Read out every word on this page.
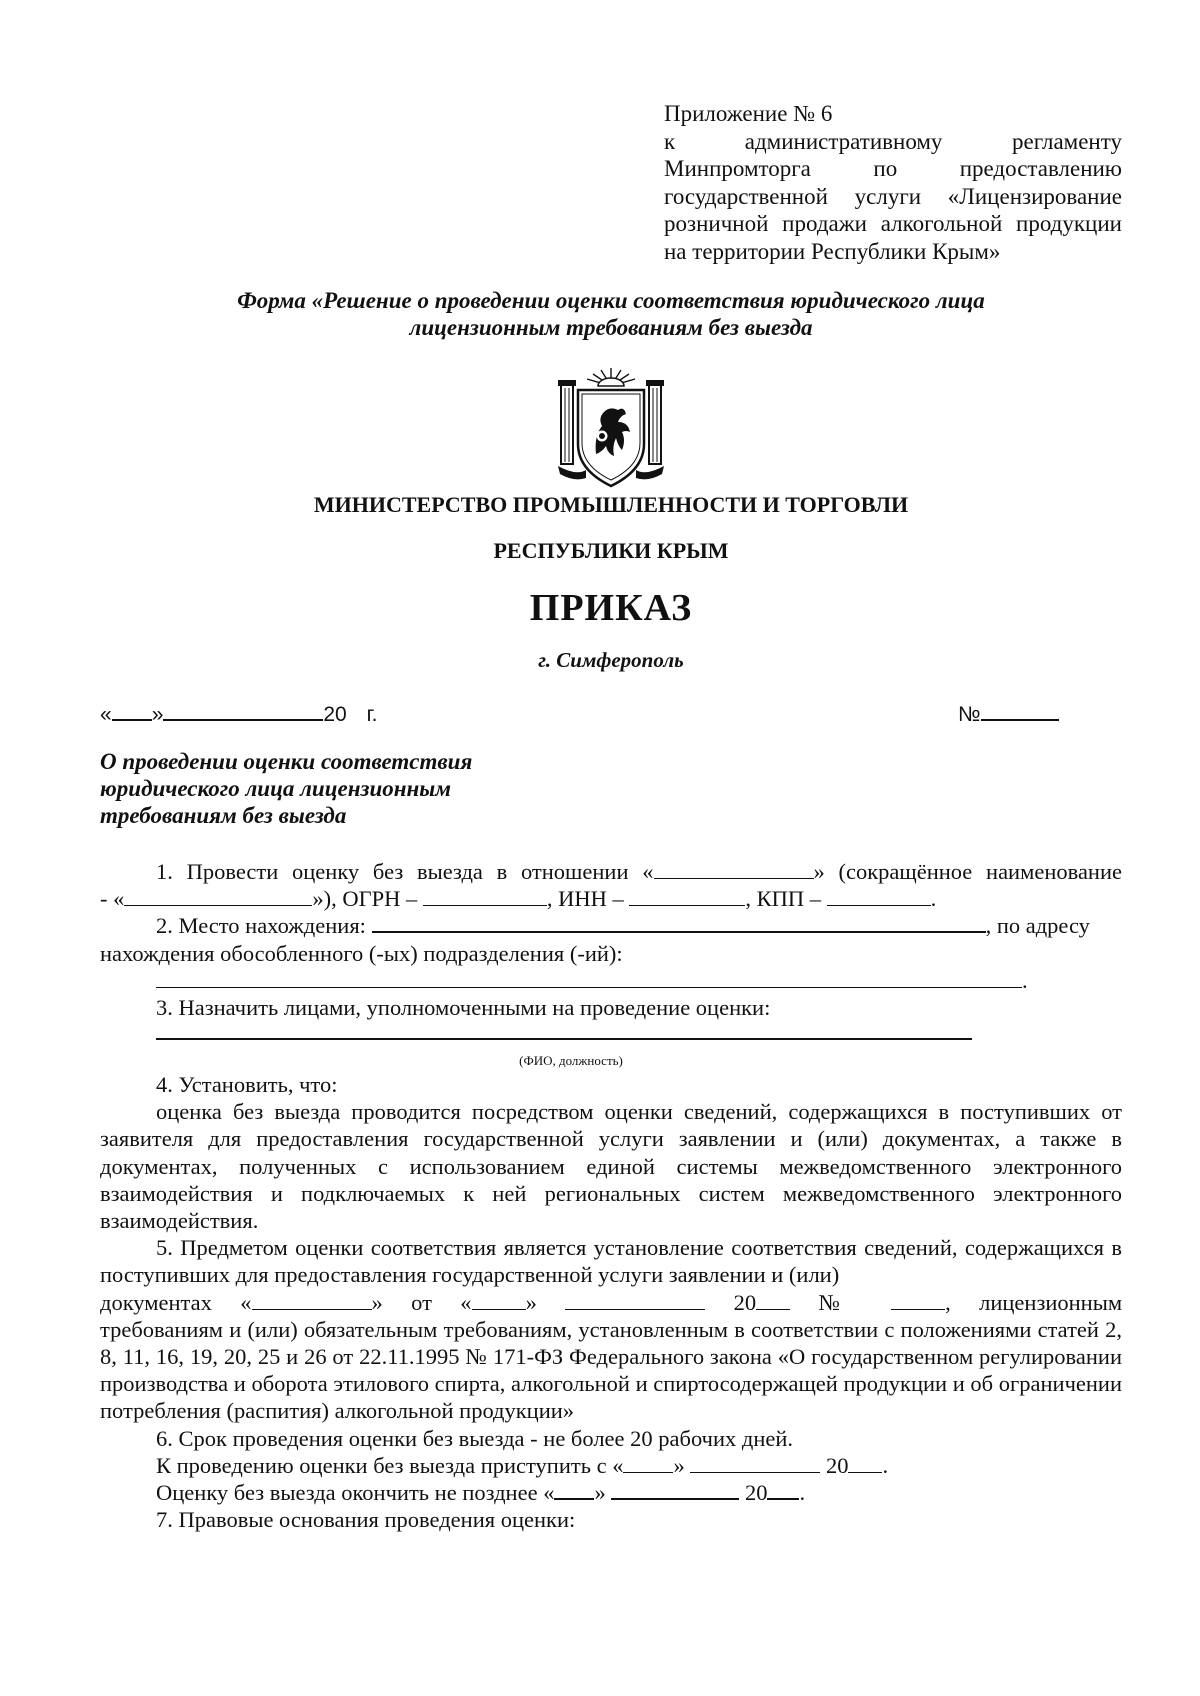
Приложение № 6
к административному регламенту
Минпромторга по предоставлению
государственной услуги «Лицензирование
розничной продажи алкогольной продукции
на территории Республики Крым»
Форма «Решение о проведении оценки соответствия юридического лица
лицензионным требованиям без выезда
МИНИСТЕРСТВО ПРОМЫШЛЕННОСТИ И ТОРГОВЛИ
РЕСПУБЛИКИ КРЫМ
ПРИКАЗ
г. Симферополь
« »	20 г.	№
О проведении оценки соответствия
юридического лица лицензионным
требованиям без выезда

1. Провести оценку без выезда в отношении «	» (сокращённое наименование

- «	»), ОГРН –	, ИНН –	, КПП –	.

2. Место нахождения:	, по адресу

нахождения обособленного (-ых) подразделения (-ий):

.

3. Назначить лицами, уполномоченными на проведение оценки:

(ФИО, должность)

4. Установить, что:

оценка без выезда проводится посредством оценки сведений, содержащихся в поступивших от заявителя для предоставления государственной услуги заявлении и (или) документах, а также в документах, полученных с использованием единой системы межведомственного электронного взаимодействия и подключаемых к ней региональных систем межведомственного электронного взаимодействия.

5. Предметом оценки соответствия является установление соответствия сведений, содержащихся в поступивших для предоставления государственной услуги заявлении и (или)

документах «	» от « »	20	№	, лицензионным

требованиям и (или) обязательным требованиям, установленным в соответствии с положениями статей 2, 8, 11, 16, 19, 20, 25 и 26 от 22.11.1995 № 171-ФЗ Федерального закона «О государственном регулировании производства и оборота этилового спирта, алкогольной и спиртосодержащей продукции и об ограничении потребления (распития) алкогольной продукции»

6. Срок проведения оценки без выезда - не более 20 рабочих дней.

К проведению оценки без выезда приступить с « »	20 .

Оценку без выезда окончить не позднее « »	20 .

7. Правовые основания проведения оценки:
